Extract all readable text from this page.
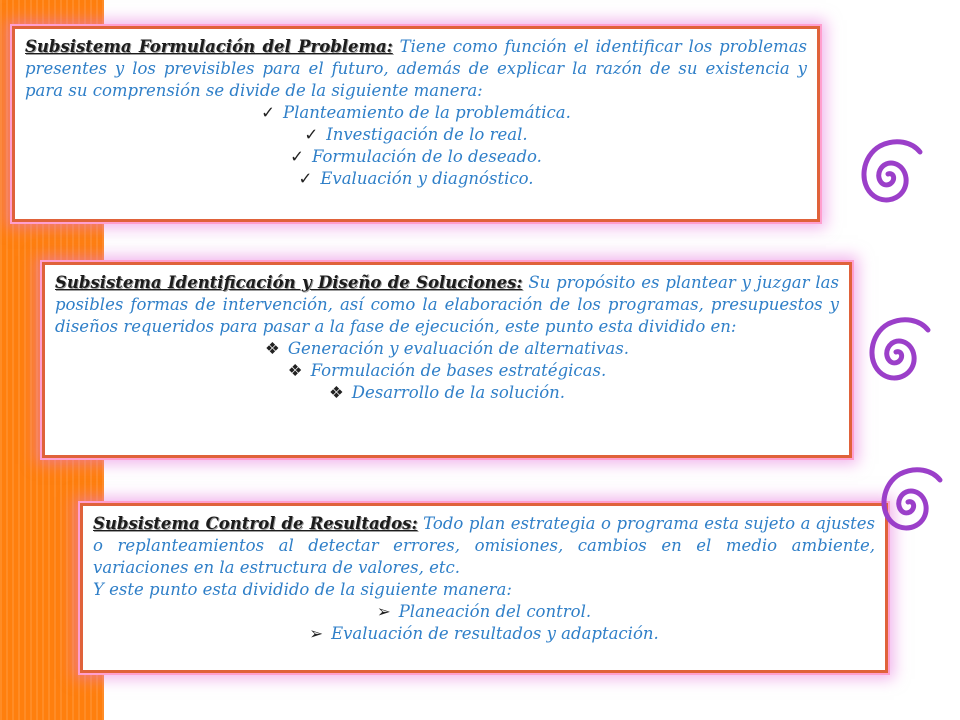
Subsistema Formulación del Problema: Tiene como función el identificar los problemas presentes y los previsibles para el futuro, además de explicar la razón de su existencia y para su comprensión se divide de la siguiente manera:

✓ Planteamiento de la problemática.
✓ Investigación de lo real.
✓ Formulación de lo deseado.
✓ Evaluación y diagnóstico.

Subsistema Identificación y Diseño de Soluciones: Su propósito es plantear y juzgar las posibles formas de intervención, así como la elaboración de los programas, presupuestos y diseños requeridos para pasar a la fase de ejecución, este punto esta dividido en:

❖ Generación y evaluación de alternativas.
❖ Formulación de bases estratégicas.
❖ Desarrollo de la solución.

Subsistema Control de Resultados: Todo plan estrategia o programa esta sujeto a ajustes o replanteamientos al detectar errores, omisiones, cambios en el medio ambiente, variaciones en la estructura de valores, etc.

Y este punto esta dividido de la siguiente manera:

➢ Planeación del control.
➢ Evaluación de resultados y adaptación.
